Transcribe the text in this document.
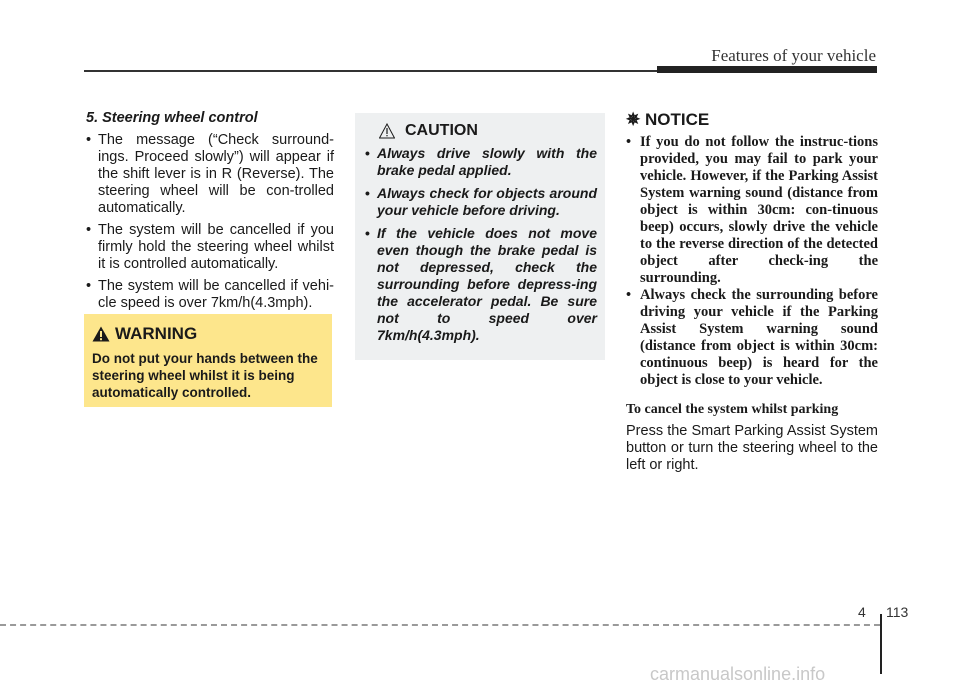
Features of your vehicle
5. Steering wheel control
• The message (“Check surround-ings. Proceed slowly”) will appear if the shift lever is in R (Reverse). The steering wheel will be con-trolled automatically.
• The system will be cancelled if you firmly hold the steering wheel whilst it is controlled automatically.
• The system will be cancelled if vehi-cle speed is over 7km/h(4.3mph).
WARNING
Do not put your hands between the steering wheel whilst it is being automatically controlled.
CAUTION
• Always drive slowly with the brake pedal applied.
• Always check for objects around your vehicle before driving.
• If the vehicle does not move even though the brake pedal is not depressed, check the surrounding before depress-ing the accelerator pedal. Be sure not to speed over 7km/h(4.3mph).
✵ NOTICE
• If you do not follow the instruc-tions provided, you may fail to park your vehicle. However, if the Parking Assist System warning sound (distance from object is within 30cm: con-tinuous beep) occurs, slowly drive the vehicle to the reverse direction of the detected object after check-ing the surrounding.
• Always check the surrounding before driving your vehicle if the Parking Assist System warning sound (distance from object is within 30cm: continuous beep) is heard for the object is close to your vehicle.
To cancel the system whilst parking
Press the Smart Parking Assist System button or turn the steering wheel to the left or right.
4 113
carmanualsonline.info
